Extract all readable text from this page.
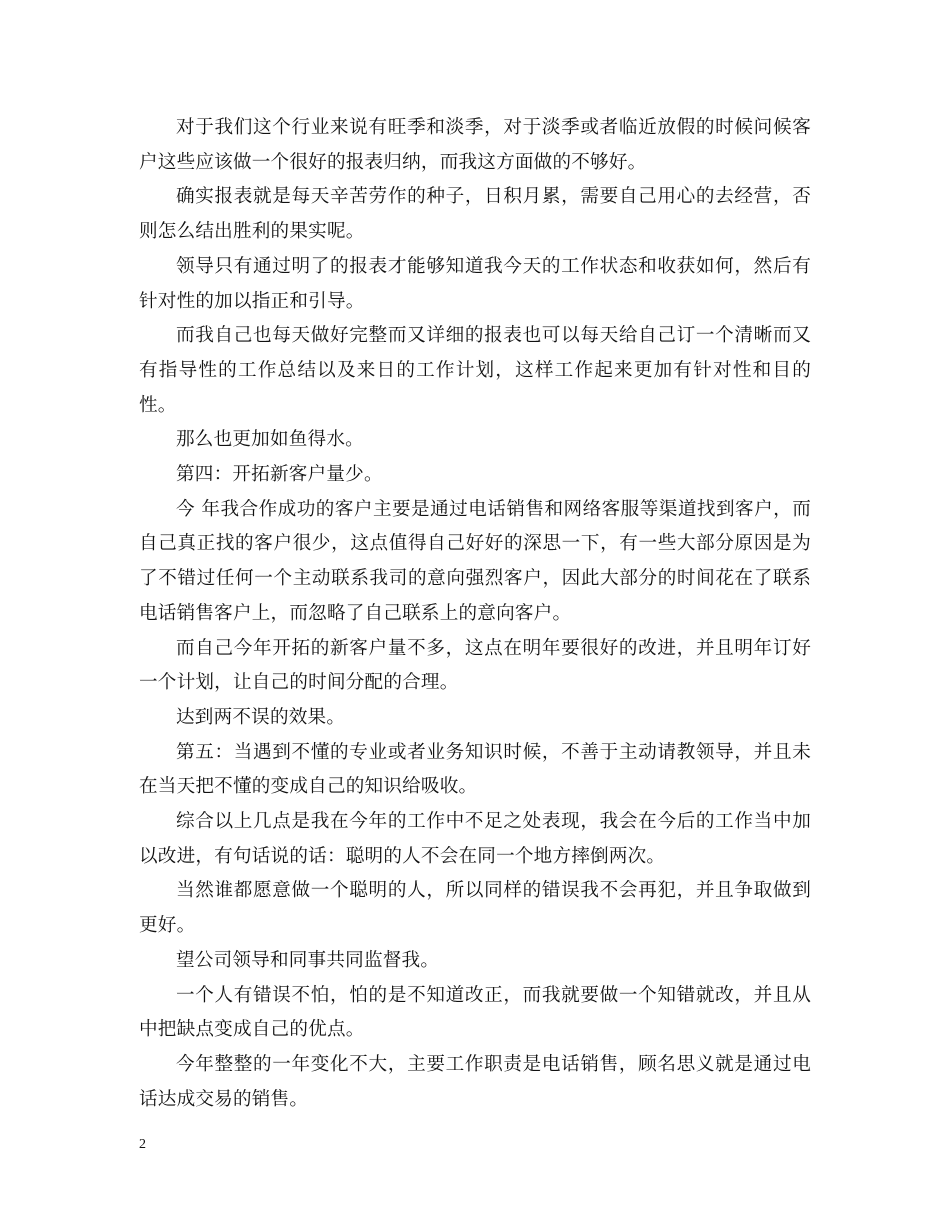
对于我们这个行业来说有旺季和淡季，对于淡季或者临近放假的时候问候客户这些应该做一个很好的报表归纳，而我这方面做的不够好。

确实报表就是每天辛苦劳作的种子，日积月累，需要自己用心的去经营，否则怎么结出胜利的果实呢。

领导只有通过明了的报表才能够知道我今天的工作状态和收获如何，然后有针对性的加以指正和引导。

而我自己也每天做好完整而又详细的报表也可以每天给自己订一个清晰而又有指导性的工作总结以及来日的工作计划，这样工作起来更加有针对性和目的性。

那么也更加如鱼得水。

第四：开拓新客户量少。

今 年我合作成功的客户主要是通过电话销售和网络客服等渠道找到客户，而自己真正找的客户很少，这点值得自己好好的深思一下，有一些大部分原因是为了不错过任何一个主动联系我司的意向强烈客户，因此大部分的时间花在了联系电话销售客户上，而忽略了自己联系上的意向客户。

而自己今年开拓的新客户量不多，这点在明年要很好的改进，并且明年订好一个计划，让自己的时间分配的合理。

达到两不误的效果。

第五：当遇到不懂的专业或者业务知识时候，不善于主动请教领导，并且未在当天把不懂的变成自己的知识给吸收。

综合以上几点是我在今年的工作中不足之处表现，我会在今后的工作当中加以改进，有句话说的话：聪明的人不会在同一个地方摔倒两次。

当然谁都愿意做一个聪明的人，所以同样的错误我不会再犯，并且争取做到更好。

望公司领导和同事共同监督我。

一个人有错误不怕，怕的是不知道改正，而我就要做一个知错就改，并且从中把缺点变成自己的优点。

今年整整的一年变化不大，主要工作职责是电话销售，顾名思义就是通过电话达成交易的销售。

2
